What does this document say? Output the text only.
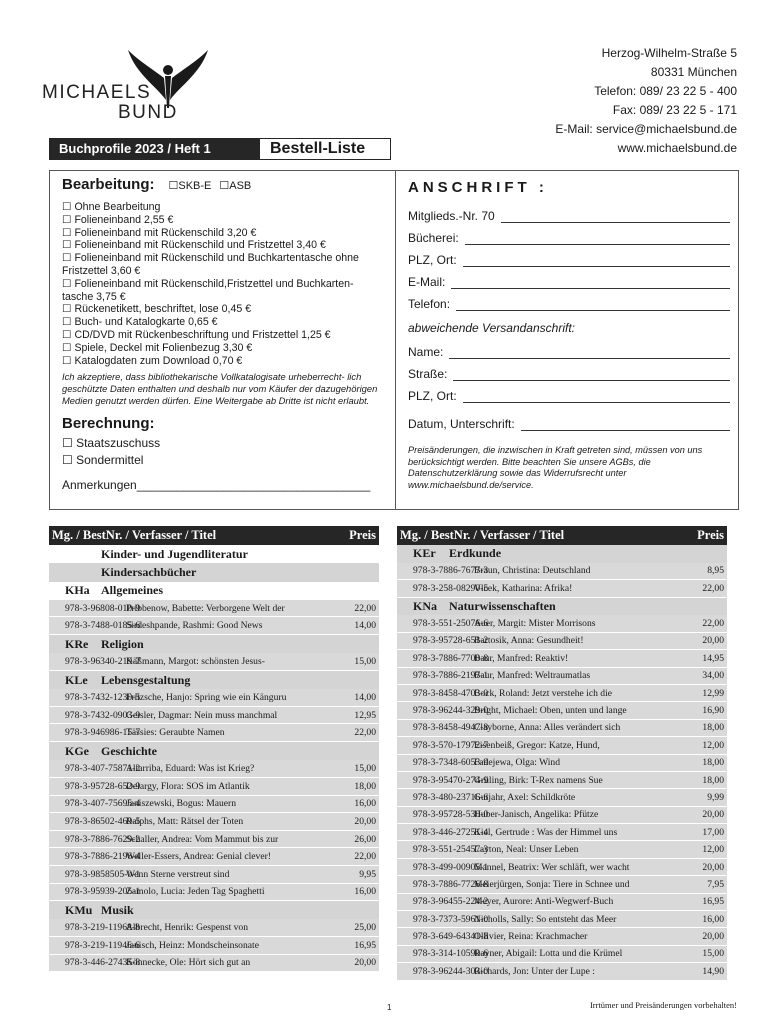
MICHAELS
BUND
Herzog-Wilhelm-Straße 5
80331 München
Telefon: 089/ 23 22 5 - 400
Fax: 089/ 23 22 5 - 171
E-Mail: service@michaelsbund.de
www.michaelsbund.de
Buchprofile 2023 / Heft 1	Bestell-Liste
Bearbeitung: ☐SKB-E ☐ASB
☐ Ohne Bearbeitung
☐ Folieneinband 2,55 €
☐ Folieneinband mit Rückenschild 3,20 €
☐ Folieneinband mit Rückenschild und Fristzettel 3,40 €
☐ Folieneinband mit Rückenschild und Buchkartentasche ohne Fristzettel 3,60 €
☐ Folieneinband mit Rückenschild,Fristzettel und Buchkarten- tasche 3,75 €
☐ Rückenetikett, beschriftet, lose 0,45 €
☐ Buch- und Katalogkarte 0,65 €
☐ CD/DVD mit Rückenbeschriftung und Fristzettel 1,25 €
☐ Spiele, Deckel mit Folienbezug 3,30 €
☐ Katalogdaten zum Download 0,70 €
Ich akzeptiere, dass bibliothekarische Vollkatalogisate urheberrecht- lich geschützte Daten enthalten und deshalb nur vom Käufer der dazugehörigen Medien genutzt werden dürfen. Eine Weitergabe ab Dritte ist nicht erlaubt.
Berechnung:
☐ Staatszuschuss
☐ Sondermittel
Anmerkungen___________________________________
ANSCHRIFT :
Mitglieds.-Nr. 70
Bücherei:
PLZ, Ort:
E-Mail:
Telefon:
abweichende Versandanschrift:
Name:
Straße:
PLZ, Ort:
Datum, Unterschrift:
Preisänderungen, die inzwischen in Kraft getreten sind, müssen von uns berücksichtigt werden. Bitte beachten Sie unsere AGBs, die Datenschutzerklärung sowie das Widerrufsrecht unter www.michaelsbund.de/service.
Mg. / BestNr. / Verfasser / Titel	Preis
Kinder- und Jugendliteratur
Kindersachbücher
KHa Allgemeines
978-3-96808-010-9
Pribbenow, Babette: Verborgene Welt der	22,00
978-3-7488-0185-6
Sirdeshpande, Rashmi: Good News	14,00
KRe	Religion
978-3-96340-219-7
Käßmann, Margot: schönsten Jesus-	15,00
KLe	Lebensgestaltung
978-3-7432-1230-5
Fritzsche, Hanjo: Spring wie ein Känguru	14,00
978-3-7432-0903-9
Geisler, Dagmar: Nein muss manchmal	12,95
978-3-946986-15-7
Tässies: Geraubte Namen	22,00
KGe	Geschichte
978-3-407-75871-2
Altarriba, Eduard: Was ist Krieg?	15,00
978-3-95728-652-9
Delargy, Flora: SOS im Atlantik	18,00
978-3-407-75695-4
Janiszewski, Bogus: Mauern	16,00
978-3-86502-469-5
Ralphs, Matt: Rätsel der Toten	20,00
978-3-7886-7629-2
Schaller, Andrea: Vom Mammut bis zur	26,00
978-3-7886-2196-4
Weller-Essers, Andrea: Genial clever!	22,00
978-3-9858505-0-1
Wenn Sterne verstreut sind	9,95
978-3-95939-205-1
Zamolo, Lucia: Jeden Tag Spaghetti	16,00
KMu Musik
978-3-219-11968-8
Albrecht, Henrik: Gespenst von	25,00
978-3-219-11946-6
Janisch, Heinz: Mondscheinsonate	16,95
978-3-446-27435-8
Könnecke, Ole: Hört sich gut an	20,00
Mg. / BestNr. / Verfasser / Titel	Preis
KEr	Erdkunde
978-3-7886-7677-3
Braun, Christina: Deutschland	8,95
978-3-258-08290-5
Vlcek, Katharina: Afrika!	22,00
KNa	Naturwissenschaften
978-3-551-25076-6
Auer, Margit: Mister Morrisons	22,00
978-3-95728-651-2
Bartosik, Anna: Gesundheit!	20,00
978-3-7886-7700-8
Baur, Manfred: Reaktiv!	14,95
978-3-7886-2197-1
Baur, Manfred: Weltraumatlas	34,00
978-3-8458-4703-0
Bock, Roland: Jetzt verstehe ich die	12,99
978-3-96244-329-0
Bright, Michael: Oben, unten und lange	16,90
978-3-8458-4947-8
Clayborne, Anna: Alles verändert sich	18,00
978-3-570-17972-7
Eisenbeiß, Gregor: Katze, Hund,	12,00
978-3-7348-6053-9
Fadejewa, Olga: Wind	18,00
978-3-95470-274-9
Grüling, Birk: T-Rex namens Sue	18,00
978-3-480-23716-6
Gutjahr, Axel: Schildkröte	9,99
978-3-95728-530-0
Huber-Janisch, Angelika: Pfütze	20,00
978-3-446-27251-4
Kiel, Gertrude : Was der Himmel uns	17,00
978-3-551-25457-3
Layton, Neal: Unser Leben	12,00
978-3-499-00905-1
Mannel, Beatrix: Wer schläft, wer wacht	20,00
978-3-7886-7726-8
Meierjürgen, Sonja: Tiere in Schnee und	7,95
978-3-96455-224-2
Meyer, Aurore: Anti-Wegwerf-Buch	16,95
978-3-7373-5961-0
Nicholls, Sally: So entsteht das Meer	16,00
978-3-649-64341-8
Ollivier, Reina: Krachmacher	20,00
978-3-314-10590-6
Rayner, Abigail: Lotta und die Krümel	15,00
978-3-96244-303-0
Richards, Jon: Unter der Lupe :	14,90
1	Irrtümer und Preisänderungen vorbehalten!
